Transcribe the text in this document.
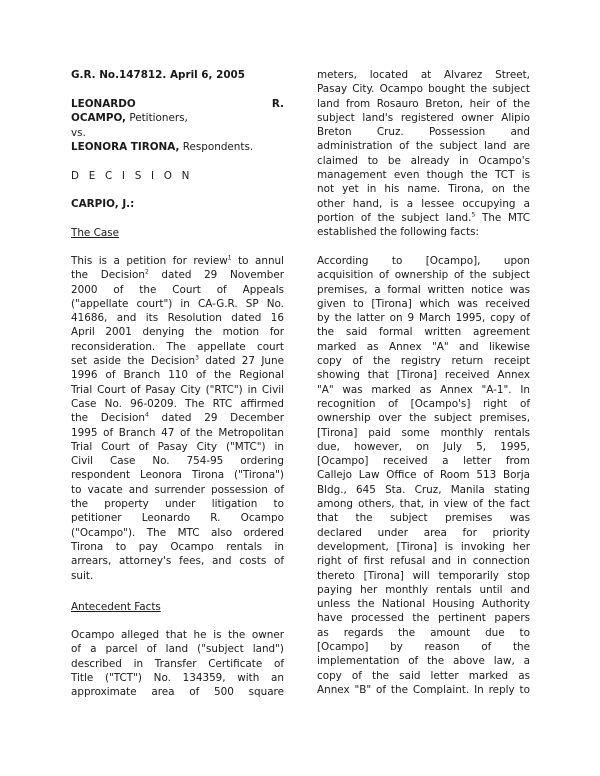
G.R. No.147812. April 6, 2005

LEONARDO	R.

OCAMPO, Petitioners,

vs.

LEONORA TIRONA, Respondents.

D E C I S I O N

CARPIO, J.:

The Case

This is a petition for review$^1$ to annul

the Decision$^2$ dated 29 November

2000 of the Court of Appeals

("appellate court") in CA-G.R. SP No.

41686, and its Resolution dated 16

April 2001 denying the motion for

reconsideration. The appellate court

set aside the Decision$^3$ dated 27 June

1996 of Branch 110 of the Regional

Trial Court of Pasay City ("RTC") in Civil

Case No. 96-0209. The RTC affirmed

the Decision$^4$ dated 29 December

1995 of Branch 47 of the Metropolitan

Trial Court of Pasay City ("MTC") in

Civil Case No. 754-95 ordering

respondent Leonora Tirona ("Tirona")

to vacate and surrender possession of

the property under litigation to

petitioner Leonardo R. Ocampo

("Ocampo"). The MTC also ordered

Tirona to pay Ocampo rentals in

arrears, attorney's fees, and costs of

suit.

Antecedent Facts

Ocampo alleged that he is the owner

of a parcel of land ("subject land")

described in Transfer Certificate of

Title ("TCT") No. 134359, with an

approximate area of 500 square

meters, located at Alvarez Street,

Pasay City. Ocampo bought the subject

land from Rosauro Breton, heir of the

subject land's registered owner Alipio

Breton Cruz. Possession and

administration of the subject land are

claimed to be already in Ocampo's

management even though the TCT is

not yet in his name. Tirona, on the

other hand, is a lessee occupying a

portion of the subject land.$^5$ The MTC

established the following facts:

According to [Ocampo], upon

acquisition of ownership of the subject

premises, a formal written notice was

given to [Tirona] which was received

by the latter on 9 March 1995, copy of

the said formal written agreement

marked as Annex "A" and likewise

copy of the registry return receipt

showing that [Tirona] received Annex

"A" was marked as Annex "A-1". In

recognition of [Ocampo's] right of

ownership over the subject premises,

[Tirona] paid some monthly rentals

due, however, on July 5, 1995,

[Ocampo] received a letter from

Callejo Law Office of Room 513 Borja

Bldg., 645 Sta. Cruz, Manila stating

among others, that, in view of the fact

that the subject premises was

declared under area for priority

development, [Tirona] is invoking her

right of first refusal and in connection

thereto [Tirona] will temporarily stop

paying her monthly rentals until and

unless the National Housing Authority

have processed the pertinent papers

as regards the amount due to

[Ocampo] by reason of the

implementation of the above law, a

copy of the said letter marked as

Annex "B" of the Complaint. In reply to
